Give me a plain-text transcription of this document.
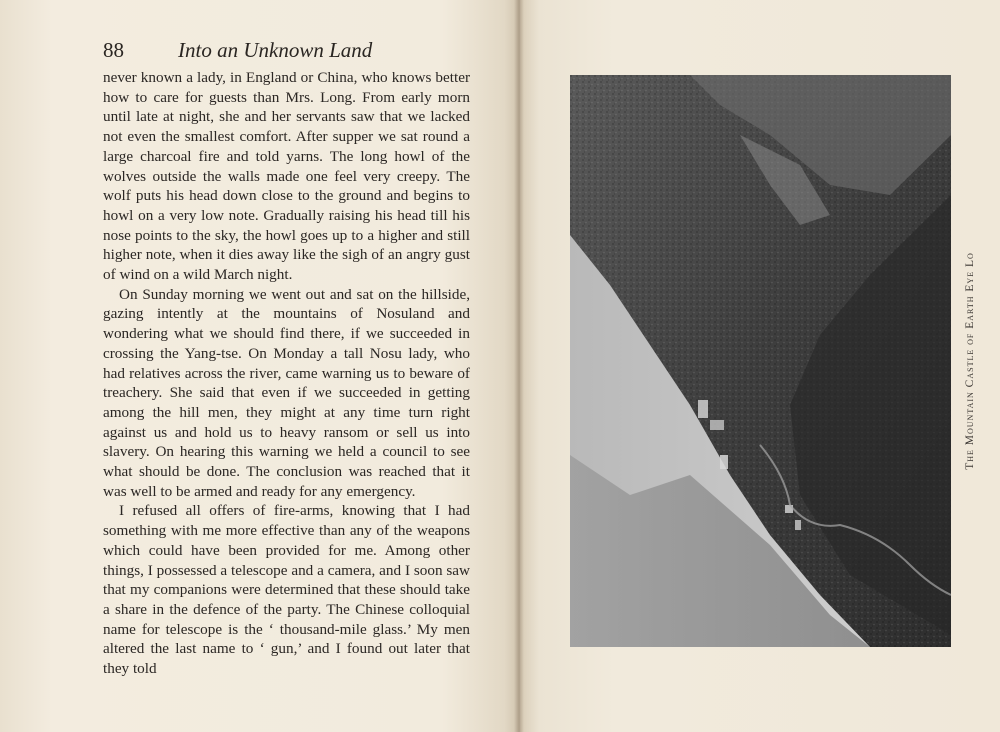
88	Into an Unknown Land

never known a lady, in England or China, who knows better how to care for guests than Mrs. Long. From early morn until late at night, she and her servants saw that we lacked not even the smallest comfort. After supper we sat round a large charcoal fire and told yarns. The long howl of the wolves outside the walls made one feel very creepy. The wolf puts his head down close to the ground and begins to howl on a very low note. Gradually raising his head till his nose points to the sky, the howl goes up to a higher and still higher note, when it dies away like the sigh of an angry gust of wind on a wild March night.

On Sunday morning we went out and sat on the hillside, gazing intently at the mountains of Nosuland and wondering what we should find there, if we succeeded in crossing the Yang-tse. On Monday a tall Nosu lady, who had relatives across the river, came warning us to beware of treachery. She said that even if we succeeded in getting among the hill men, they might at any time turn right against us and hold us to heavy ransom or sell us into slavery. On hearing this warning we held a council to see what should be done. The conclusion was reached that it was well to be armed and ready for any emergency.

I refused all offers of fire-arms, knowing that I had something with me more effective than any of the weapons which could have been provided for me. Among other things, I possessed a telescope and a camera, and I soon saw that my companions were determined that these should take a share in the defence of the party. The Chinese colloquial name for telescope is the ‘ thousand-mile glass.’ My men altered the last name to ‘ gun,’ and I found out later that they told

The Mountain Castle of Earth Eye Lo
